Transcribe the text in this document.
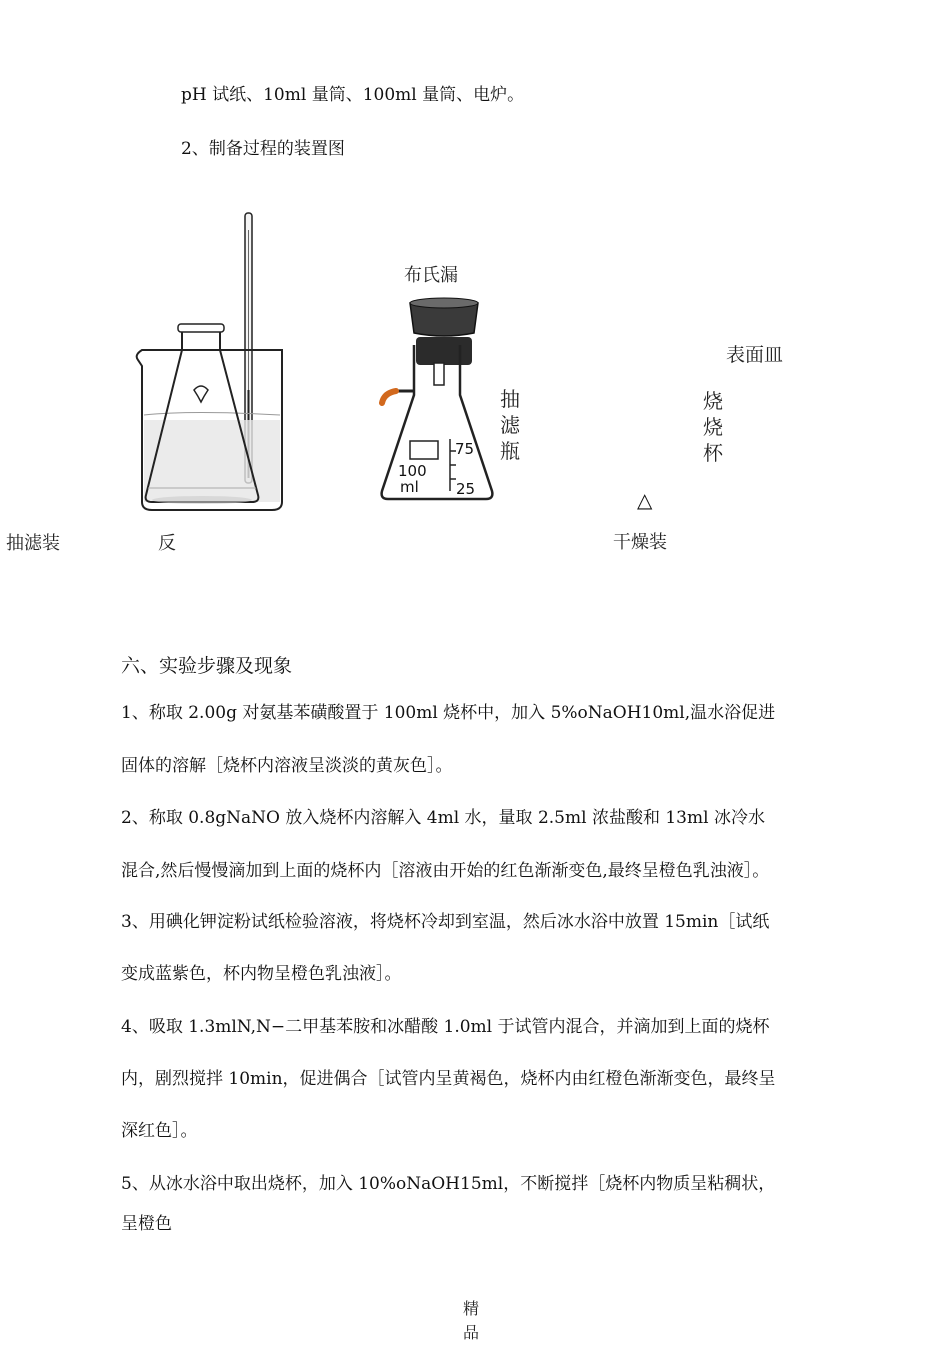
pH 试纸、10ml 量筒、100ml 量筒、电炉。
2、制备过程的装置图
75
25
100
ml
布氏漏
抽滤瓶
表面皿
烧烧杯
△
抽滤装	反	干燥装
六、实验步骤及现象
1、称取 2.00g 对氨基苯磺酸置于 100ml 烧杯中，加入 5%oNaOH10ml,温水浴促进
固体的溶解［烧杯内溶液呈淡淡的黄灰色］。
2、称取 0.8gNaNO 放入烧杯内溶解入 4ml 水，量取 2.5ml 浓盐酸和 13ml 冰冷水
混合,然后慢慢滴加到上面的烧杯内［溶液由开始的红色渐渐变色,最终呈橙色乳浊液］。
3、用碘化钾淀粉试纸检验溶液，将烧杯冷却到室温，然后冰水浴中放置 15min［试纸
变成蓝紫色，杯内物呈橙色乳浊液］。
4、吸取 1.3mlN,N−二甲基苯胺和冰醋酸 1.0ml 于试管内混合，并滴加到上面的烧杯
内，剧烈搅拌 10min，促进偶合［试管内呈黄褐色，烧杯内由红橙色渐渐变色，最终呈
深红色］。
5、从冰水浴中取出烧杯，加入 10%oNaOH15ml，不断搅拌［烧杯内物质呈粘稠状，
呈橙色
精品
